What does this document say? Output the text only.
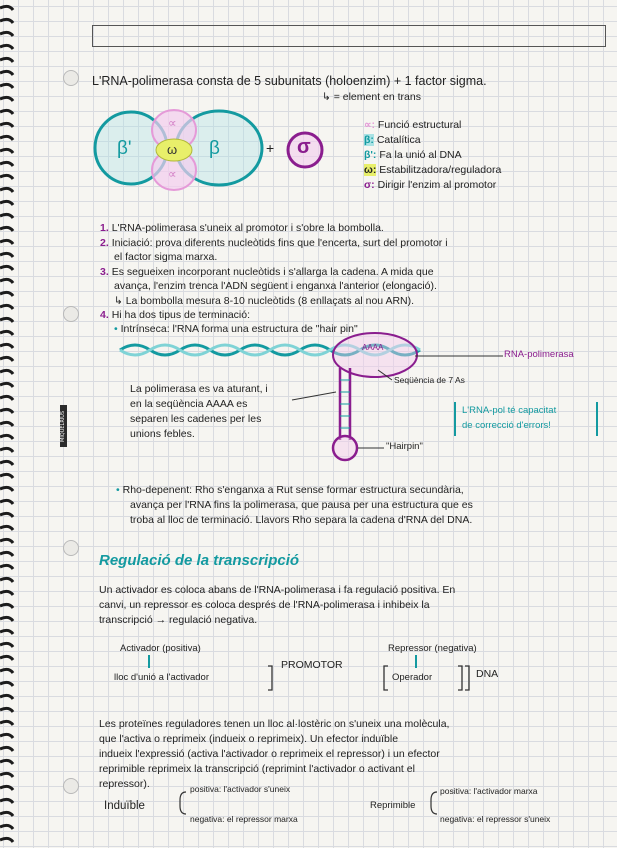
MIQUELRIUS
L'RNA-polimerasa consta de 5 subunitats (holoenzim) + 1 factor sigma.
↳ = element en trans
β'	ω β
∝
∝
+ σ
∝: Funció estructural
β: Catalítica
β': Fa la unió al DNA
ω: Estabilitzadora/reguladora
σ: Dirigir l'enzim al promotor
1. L'RNA-polimerasa s'uneix al promotor i s'obre la bombolla.
2. Iniciació: prova diferents nucleòtids fins que l'encerta, surt del promotor i
el factor sigma marxa.
3. Es segueixen incorporant nucleòtids i s'allarga la cadena. A mida que
avança, l'enzim trenca l'ADN següent i enganxa l'anterior (elongació).
↳ La bombolla mesura 8-10 nucleòtids (8 enllaçats al nou ARN).
4. Hi ha dos tipus de terminació:
• Intrínseca: l'RNA forma una estructura de "hair pin"
AAAA
RNA-polimerasa
Seqüència de 7 As
"Hairpin"
La polimerasa es va aturant, i
en la seqüència AAAA es
separen les cadenes per les
unions febles.
L'RNA-pol té capacitat
de correcció d'errors!
• Rho-depenent: Rho s'enganxa a Rut sense formar estructura secundària,
avança per l'RNA fins la polimerasa, que pausa per una estructura que es
troba al lloc de terminació. Llavors Rho separa la cadena d'RNA del DNA.
Regulació de la transcripció
Un activador es coloca abans de l'RNA-polimerasa i fa regulació positiva. En
canvi, un repressor es coloca després de l'RNA-polimerasa i inhibeix la
transcripció → regulació negativa.
Activador (positiva)
lloc d'unió a l'activador
PROMOTOR
Repressor (negativa)
Operador	DNA
Les proteïnes reguladores tenen un lloc al·lostèric on s'uneix una molècula,
que l'activa o reprimeix (indueix o reprimeix). Un efector induïble
indueix l'expressió (activa l'activador o reprimeix el repressor) i un efector
reprimible reprimeix la transcripció (reprimint l'activador o activant el
repressor).
Induïble
positiva: l'activador s'uneix
negativa: el repressor marxa
Reprimible
positiva: l'activador marxa
negativa: el repressor s'uneix
